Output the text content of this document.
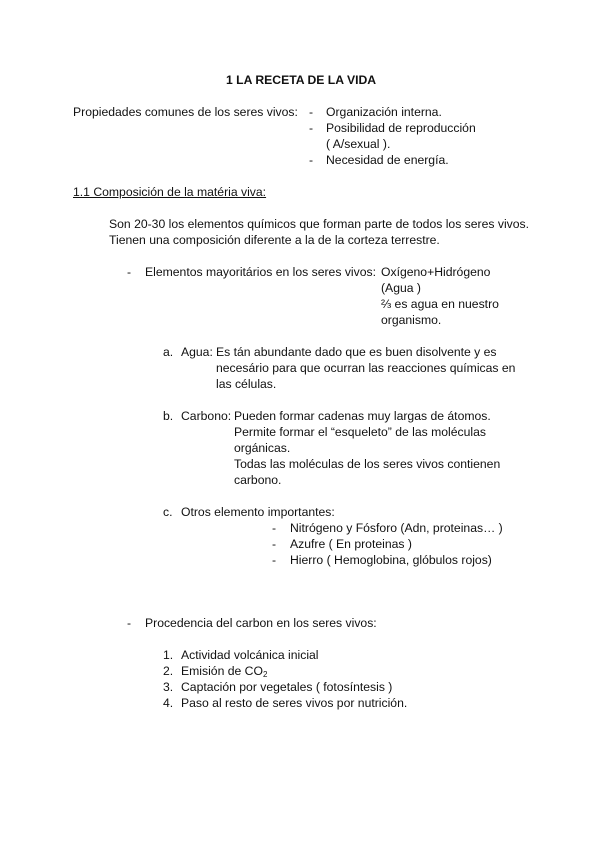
1 LA RECETA DE LA VIDA
Propiedades comunes de los seres vivos: - Organización interna.
- Posibilidad de reproducción
( A/sexual ).
- Necesidad de energía.
1.1 Composición de la matéria viva:
Son 20-30 los elementos químicos que forman parte de todos los seres vivos.
Tienen una composición diferente a la de la corteza terrestre.
- Elementos mayoritários en los seres vivos: Oxígeno+Hidrógeno
(Agua )
⅔ es agua en nuestro
organismo.
a. Agua: Es tán abundante dado que es buen disolvente y es
necesário para que ocurran las reacciones químicas en
las células.
b. Carbono: Pueden formar cadenas muy largas de átomos.
Permite formar el “esqueleto” de las moléculas
orgánicas.
Todas las moléculas de los seres vivos contienen
carbono.
c. Otros elemento importantes:
- Nitrógeno y Fósforo (Adn, proteinas… )
- Azufre ( En proteinas )
- Hierro ( Hemoglobina, glóbulos rojos)
- Procedencia del carbon en los seres vivos:
1. Actividad volcánica inicial
2. Emisión de $CO_2$
3. Captación por vegetales ( fotosíntesis )
4. Paso al resto de seres vivos por nutrición.
